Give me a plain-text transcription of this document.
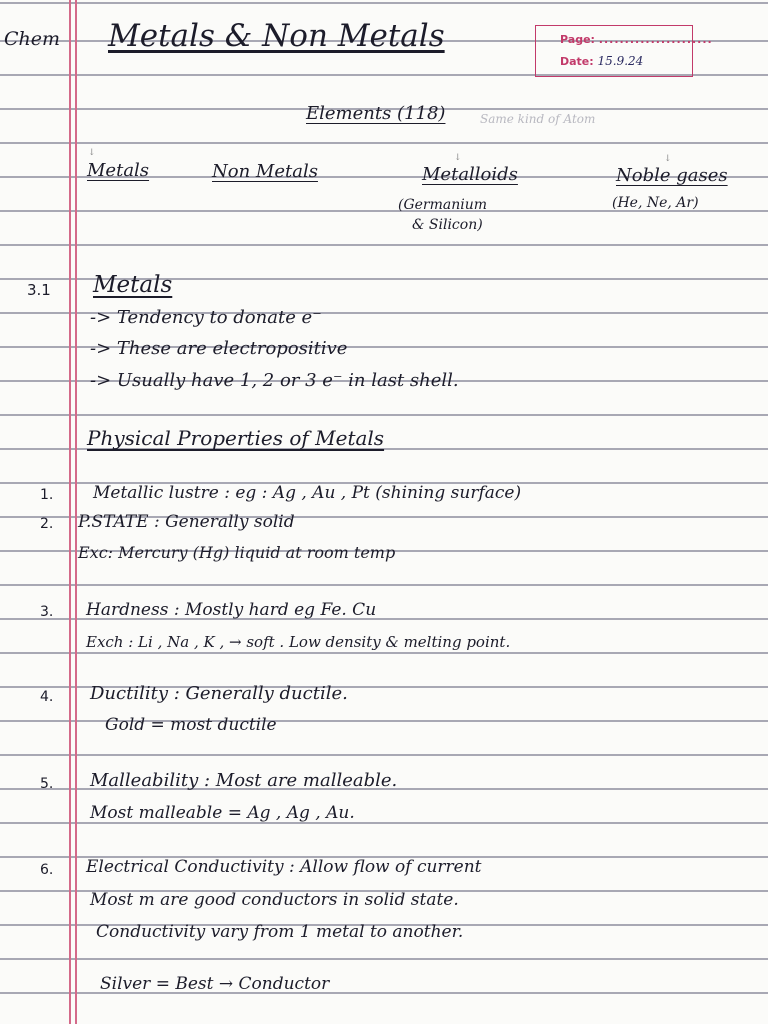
Chem Metals & Non Metals	Page: ......................
Date: 15.9.24
Elements (118)	Same kind of Atom
↓	↓	↓
Metals	Non Metals	Metalloids	Noble gases
(Germanium
& Silicon)
(He, Ne, Ar)
3.1 Metals
-> Tendency to donate e⁻
-> These are electropositive
-> Usually have 1, 2 or 3 e⁻ in last shell.
Physical Properties of Metals
1. Metallic lustre : eg : Ag , Au , Pt (shining surface)
2. P.STATE : Generally solid
Exc: Mercury (Hg) liquid at room temp
3. Hardness : Mostly hard eg Fe. Cu
Exch : Li , Na , K , → soft . Low density & melting point.
4. Ductility : Generally ductile.
Gold = most ductile
5. Malleability : Most are malleable.
Most malleable = Ag , Ag , Au.
6. Electrical Conductivity : Allow flow of current
Most m are good conductors in solid state.
Conductivity vary from 1 metal to another.
Silver = Best → Conductor
